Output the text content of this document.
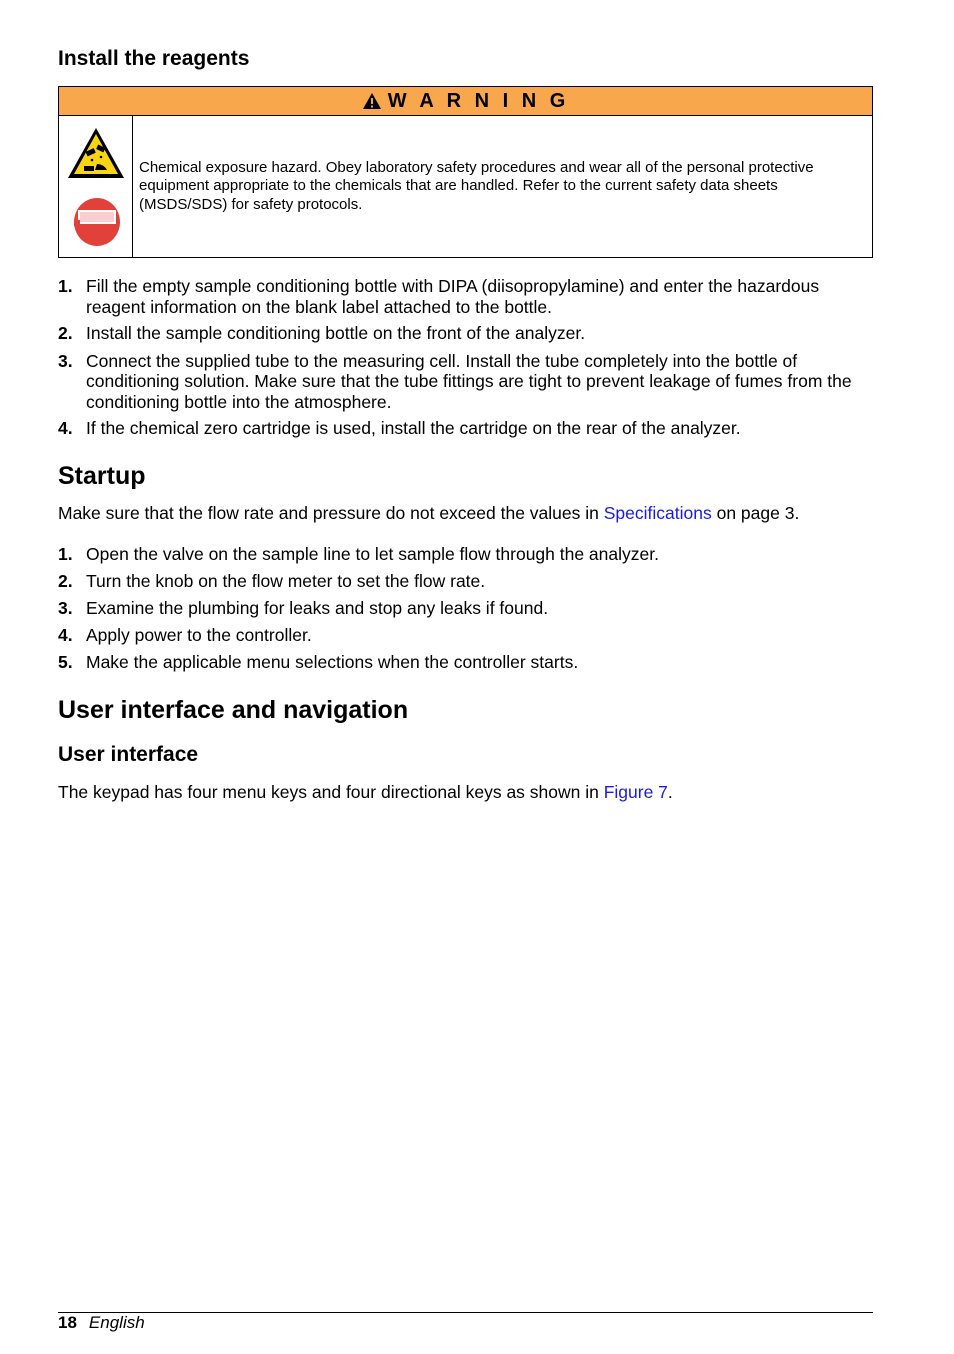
Install the reagents
W A R N I N G
Chemical exposure hazard. Obey laboratory safety procedures and wear all of the personal protective equipment appropriate to the chemicals that are handled. Refer to the current safety data sheets (MSDS/SDS) for safety protocols.
1. Fill the empty sample conditioning bottle with DIPA (diisopropylamine) and enter the hazardous reagent information on the blank label attached to the bottle.
2. Install the sample conditioning bottle on the front of the analyzer.
3. Connect the supplied tube to the measuring cell. Install the tube completely into the bottle of conditioning solution. Make sure that the tube fittings are tight to prevent leakage of fumes from the conditioning bottle into the atmosphere.
4. If the chemical zero cartridge is used, install the cartridge on the rear of the analyzer.
Startup

Make sure that the flow rate and pressure do not exceed the values in Specifications on page 3.

1. Open the valve on the sample line to let sample flow through the analyzer.
2. Turn the knob on the flow meter to set the flow rate.
3. Examine the plumbing for leaks and stop any leaks if found.
4. Apply power to the controller.
5. Make the applicable menu selections when the controller starts.
User interface and navigation
User interface

The keypad has four menu keys and four directional keys as shown in Figure 7.

18 English
